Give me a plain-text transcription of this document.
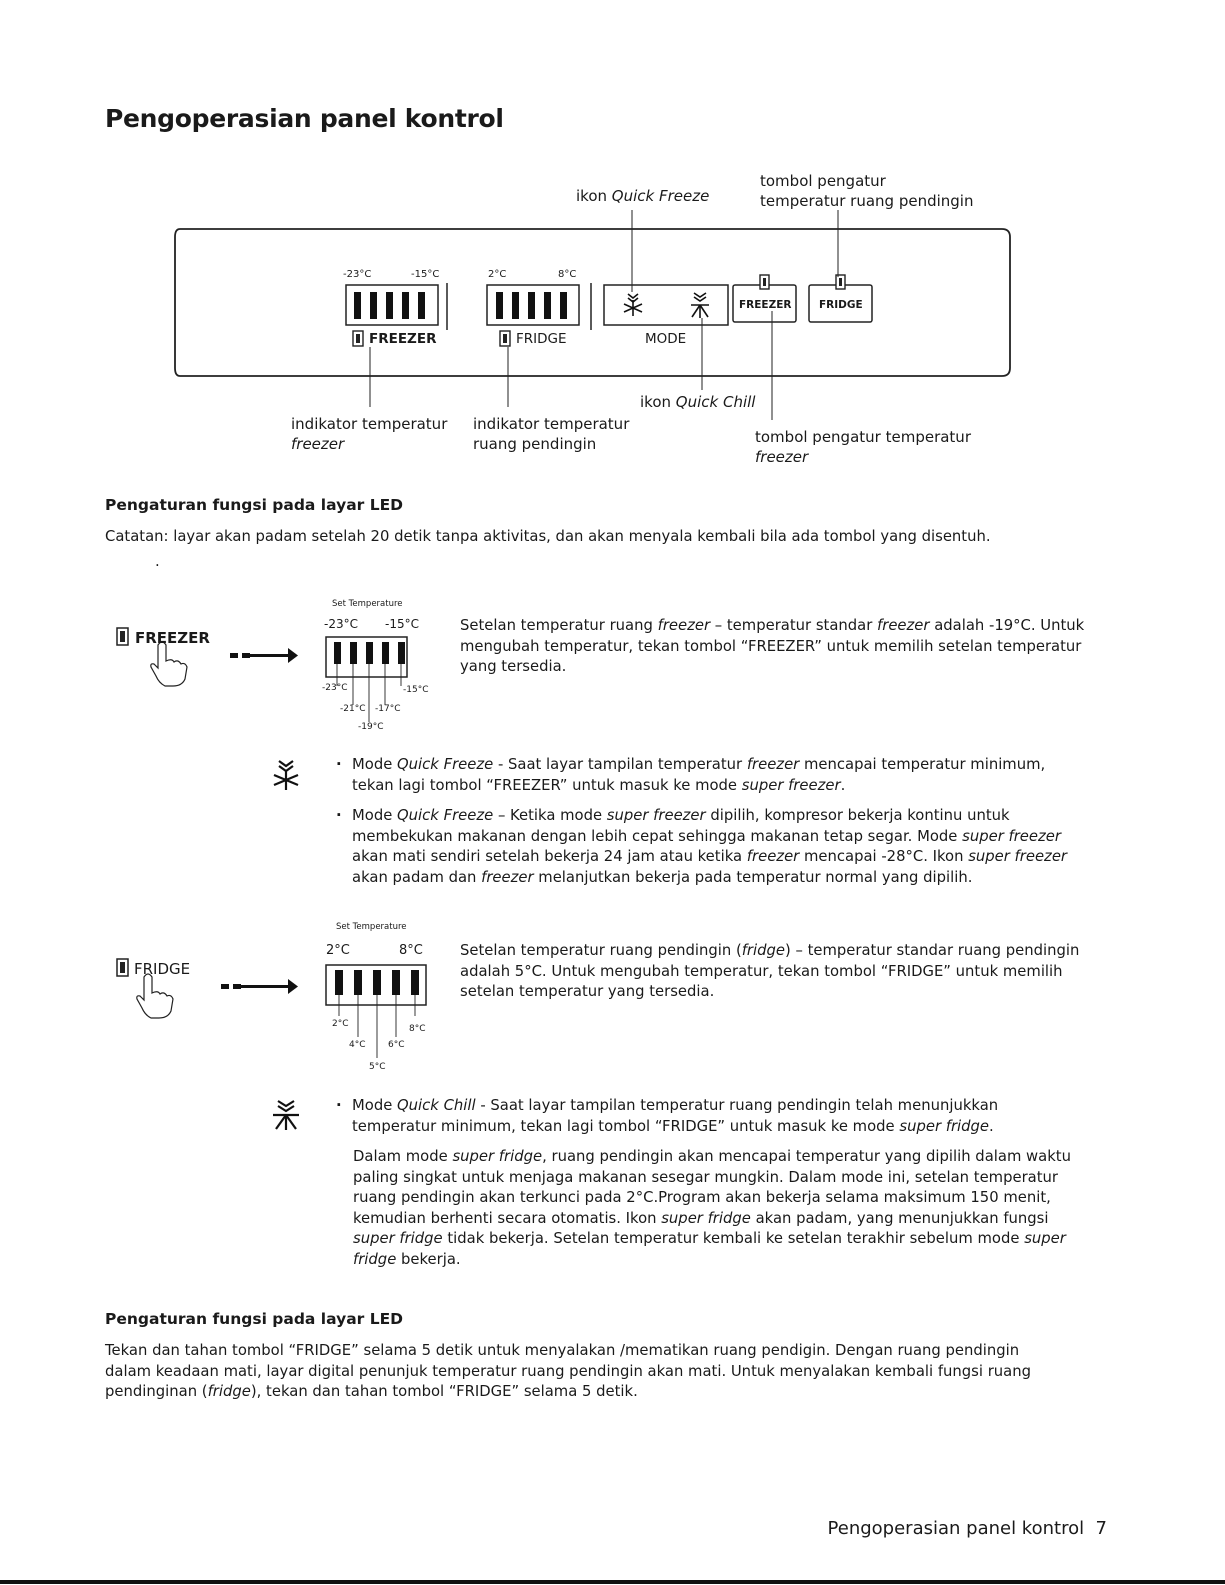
Pengoperasian panel kontrol
-23°C	-15°C	2°C	8°C
FREEZER	FRIDGE	MODE
FREEZER	FRIDGE
ikon Quick Freeze
tombol pengatur
temperatur ruang pendingin
indikator temperatur
freezer
indikator temperatur
ruang pendingin
ikon Quick Chill
tombol pengatur temperatur
freezer
Pengaturan fungsi pada layar LED
Catatan: layar akan padam setelah 20 detik tanpa aktivitas, dan akan menyala kembali bila ada tombol yang disentuh.
.
FREEZER
Set Temperature
-23°C -15°C
-23°C
-21°C
-19°C
-17°C
-15°C
Setelan temperatur ruang freezer – temperatur standar freezer adalah -19°C. Untuk
mengubah temperatur, tekan tombol “FREEZER” untuk memilih setelan temperatur
yang tersedia.
· Mode Quick Freeze - Saat layar tampilan temperatur freezer mencapai temperatur minimum,
tekan lagi tombol “FREEZER” untuk masuk ke mode super freezer.
· Mode Quick Freeze – Ketika mode super freezer dipilih, kompresor bekerja kontinu untuk
membekukan makanan dengan lebih cepat sehingga makanan tetap segar. Mode super freezer
akan mati sendiri setelah bekerja 24 jam atau ketika freezer mencapai -28°C. Ikon super freezer
akan padam dan freezer melanjutkan bekerja pada temperatur normal yang dipilih.
FRIDGE
Set Temperature
2°C	8°C
2°C
4°C
5°C
6°C
8°C
Setelan temperatur ruang pendingin (fridge) – temperatur standar ruang pendingin
adalah 5°C. Untuk mengubah temperatur, tekan tombol “FRIDGE” untuk memilih
setelan temperatur yang tersedia.
· Mode Quick Chill - Saat layar tampilan temperatur ruang pendingin telah menunjukkan
temperatur minimum, tekan lagi tombol “FRIDGE” untuk masuk ke mode super fridge.
Dalam mode super fridge, ruang pendingin akan mencapai temperatur yang dipilih dalam waktu
paling singkat untuk menjaga makanan sesegar mungkin. Dalam mode ini, setelan temperatur
ruang pendingin akan terkunci pada 2°C.Program akan bekerja selama maksimum 150 menit,
kemudian berhenti secara otomatis. Ikon super fridge akan padam, yang menunjukkan fungsi
super fridge tidak bekerja. Setelan temperatur kembali ke setelan terakhir sebelum mode super
fridge bekerja.
Pengaturan fungsi pada layar LED
Tekan dan tahan tombol “FRIDGE” selama 5 detik untuk menyalakan /mematikan ruang pendigin. Dengan ruang pendingin
dalam keadaan mati, layar digital penunjuk temperatur ruang pendingin akan mati. Untuk menyalakan kembali fungsi ruang
pendinginan (fridge), tekan dan tahan tombol “FRIDGE” selama 5 detik.
Pengoperasian panel kontrol 7
